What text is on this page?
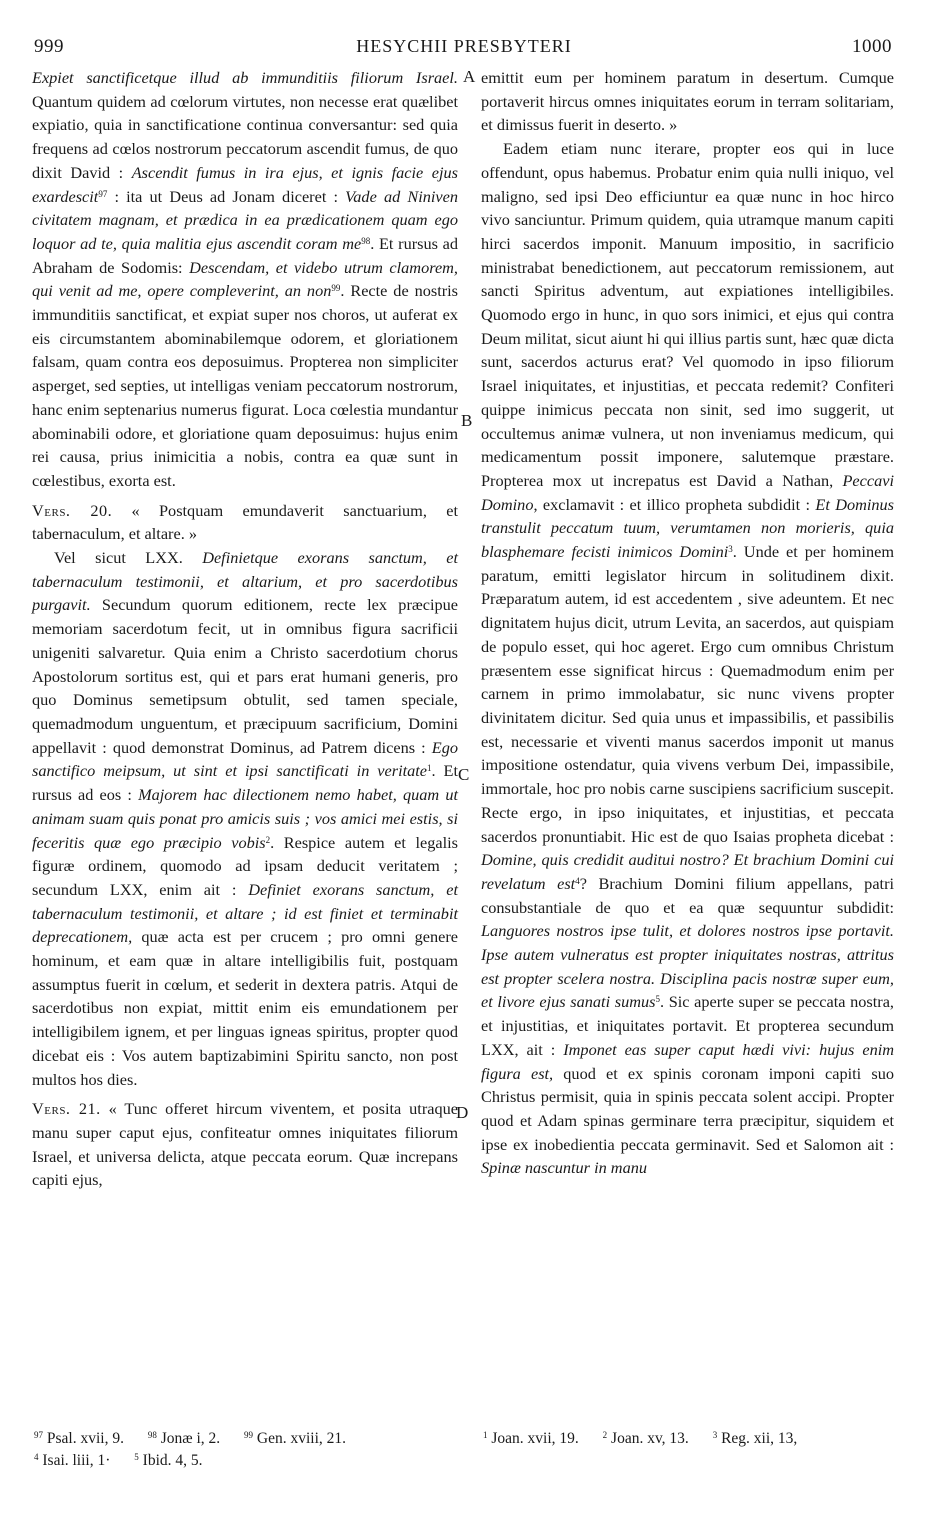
999	HESYCHII PRESBYTERI	1000
A
B
C
D

Expiet sanctificetque illud ab immunditiis filiorum Israel. Quantum quidem ad cœlorum virtutes, non necesse erat quælibet expiatio, quia in sanctificatione continua conversantur: sed quia frequens ad cœlos nostrorum peccatorum ascendit fumus, de quo dixit David : Ascendit fumus in ira ejus, et ignis facie ejus exardescit$^{97}$ : ita ut Deus ad Jonam diceret : Vade ad Niniven civitatem magnam, et prædica in ea prædicationem quam ego loquor ad te, quia malitia ejus ascendit coram $me^{98}$. Et rursus ad Abraham de Sodomis: Descendam, et videbo utrum clamorem, qui venit ad me, opere compleverint, an non$^{99}$. Recte de nostris immunditiis sanctificat, et expiat super nos choros, ut auferat ex eis circumstantem abominabilemque odorem, et gloriationem falsam, quam contra eos deposuimus. Propterea non simpliciter asperget, sed septies, ut intelligas veniam peccatorum nostrorum, hanc enim septenarius numerus figurat. Loca cœlestia mundantur abominabili odore, et gloriatione quam deposuimus: hujus enim rei causa, prius inimicitia a nobis, contra ea quæ sunt in cœlestibus, exorta est.

Vers. 20. « Postquam emundaverit sanctuarium, et tabernaculum, et altare. »

Vel sicut LXX. Definietque exorans sanctum, et tabernaculum testimonii, et altarium, et pro sacerdotibus purgavit. Secundum quorum editionem, recte lex præcipue memoriam sacerdotum fecit, ut in omnibus figura sacrificii unigeniti salvaretur. Quia enim a Christo sacerdotium chorus Apostolorum sortitus est, qui et pars erat humani generis, pro quo Dominus semetipsum obtulit, sed tamen speciale, quemadmodum unguentum, et præcipuum sacrificium, Domini appellavit : quod demonstrat Dominus, ad Patrem dicens : Ego sanctifico meipsum, ut sint et ipsi sanctificati in veritate$^1$. Et rursus ad eos : Majorem hac dilectionem nemo habet, quam ut animam suam quis ponat pro amicis suis ; vos amici mei estis, si feceritis quæ ego præcipio vobis$^2$. Respice autem et legalis figuræ ordinem, quomodo ad ipsam deducit veritatem ; secundum LXX, enim ait : Definiet exorans sanctum, et tabernaculum testimonii, et altare ; id est finiet et terminabit deprecationem, quæ acta est per crucem ; pro omni genere hominum, et eam quæ in altare intelligibilis fuit, postquam assumptus fuerit in cœlum, et sederit in dextera patris. Atqui de sacerdotibus non expiat, mittit enim eis emundationem per intelligibilem ignem, et per linguas igneas spiritus, propter quod dicebat eis : Vos autem baptizabimini Spiritu sancto, non post multos hos dies.

Vers. 21. « Tunc offeret hircum viventem, et posita utraque manu super caput ejus, confiteatur omnes iniquitates filiorum Israel, et universa delicta, atque peccata eorum. Quæ increpans capiti ejus,

emittit eum per hominem paratum in desertum. Cumque portaverit hircus omnes iniquitates eorum in terram solitariam, et dimissus fuerit in deserto. »

Eadem etiam nunc iterare, propter eos qui in luce offendunt, opus habemus. Probatur enim quia nulli iniquo, vel maligno, sed ipsi Deo efficiuntur ea quæ nunc in hoc hirco vivo sanciuntur. Primum quidem, quia utramque manum capiti hirci sacerdos imponit. Manuum impositio, in sacrificio ministrabat benedictionem, aut peccatorum remissionem, aut sancti Spiritus adventum, aut expiationes intelligibiles. Quomodo ergo in hunc, in quo sors inimici, et ejus qui contra Deum militat, sicut aiunt hi qui illius partis sunt, hæc quæ dicta sunt, sacerdos acturus erat? Vel quomodo in ipso filiorum Israel iniquitates, et injustitias, et peccata redemit? Confiteri quippe inimicus peccata non sinit, sed imo suggerit, ut occultemus animæ vulnera, ut non inveniamus medicum, qui medicamentum possit imponere, salutemque præstare. Propterea mox ut increpatus est David a Nathan, Peccavi Domino, exclamavit : et illico propheta subdidit : Et Dominus transtulit peccatum tuum, verumtamen non morieris, quia blasphemare fecisti inimicos Domini$^3$. Unde et per hominem paratum, emitti legislator hircum in solitudinem dixit. Præparatum autem, id est accedentem , sive adeuntem. Et nec dignitatem hujus dicit, utrum Levita, an sacerdos, aut quispiam de populo esset, qui hoc ageret. Ergo cum omnibus Christum præsentem esse significat hircus : Quemadmodum enim per carnem in primo immolabatur, sic nunc vivens propter divinitatem dicitur. Sed quia unus et impassibilis, et passibilis est, necessarie et viventi manus sacerdos imponit ut manus impositione ostendatur, quia vivens verbum Dei, impassibile, immortale, hoc pro nobis carne suscipiens sacrificium suscepit. Recte ergo, in ipso iniquitates, et injustitias, et peccata sacerdos pronuntiabit. Hic est de quo Isaias propheta dicebat : Domine, quis credidit auditui nostro? Et brachium Domini cui revelatum est$^4$? Brachium Domini filium appellans, patri consubstantiale de quo et ea quæ sequuntur subdidit: Languores nostros ipse tulit, et dolores nostros ipse portavit. Ipse autem vulneratus est propter iniquitates nostras, attritus est propter scelera nostra. Disciplina pacis nostræ super eum, et livore ejus sanati sumus$^5$. Sic aperte super se peccata nostra, et injustitias, et iniquitates portavit. Et propterea secundum LXX, ait : Imponet eas super caput hædi vivi: hujus enim figura est, quod et ex spinis coronam imponi capiti suo Christus permisit, quia in spinis peccata solent accipi. Propter quod et Adam spinas germinare terra præcipitur, siquidem et ipse ex inobedientia peccata germinavit. Sed et Salomon ait : Spinæ nascuntur in manu

$^{97}$ Psal. xvii, 9.	$^{98}$ Jonæ i, 2.	$^{99}$ Gen. xviii, 21.
$^4$ Isai. liii, 1·	$^5$ Ibid. 4, 5.
$^1$ Joan. xvii, 19.	$^2$ Joan. xv, 13.	$^3$ Reg. xii, 13,
